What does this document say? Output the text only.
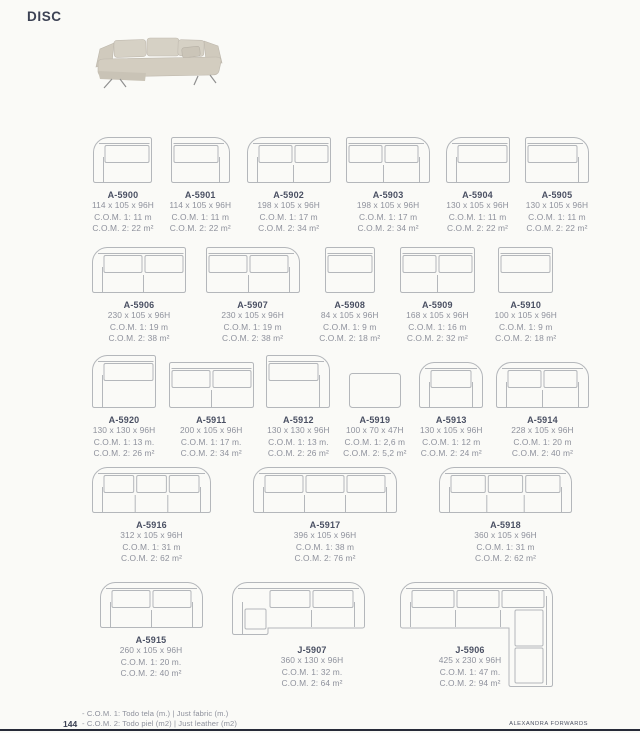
DISC
A-5900
114 x 105 x 96H
C.O.M. 1: 11 m
C.O.M. 2: 22 m²
A-5901
114 x 105 x 96H
C.O.M. 1: 11 m
C.O.M. 2: 22 m²
A-5902
198 x 105 x 96H
C.O.M. 1: 17 m
C.O.M. 2: 34 m²
A-5903
198 x 105 x 96H
C.O.M. 1: 17 m
C.O.M. 2: 34 m²
A-5904
130 x 105 x 96H
C.O.M. 1: 11 m
C.O.M. 2: 22 m²
A-5905
130 x 105 x 96H
C.O.M. 1: 11 m
C.O.M. 2: 22 m²
A-5906
230 x 105 x 96H
C.O.M. 1: 19 m
C.O.M. 2: 38 m²
A-5907
230 x 105 x 96H
C.O.M. 1: 19 m
C.O.M. 2: 38 m²
A-5908
84 x 105 x 96H
C.O.M. 1: 9 m
C.O.M. 2: 18 m²
A-5909
168 x 105 x 96H
C.O.M. 1: 16 m
C.O.M. 2: 32 m²
A-5910
100 x 105 x 96H
C.O.M. 1: 9 m
C.O.M. 2: 18 m²
A-5920
130 x 130 x 96H
C.O.M. 1: 13 m.
C.O.M. 2: 26 m²
A-5911
200 x 105 x 96H
C.O.M. 1: 17 m.
C.O.M. 2: 34 m²
A-5912
130 x 130 x 96H
C.O.M. 1: 13 m.
C.O.M. 2: 26 m²
A-5919
100 x 70 x 47H
C.O.M. 1: 2,6 m
C.O.M. 2: 5,2 m²
A-5913
130 x 105 x 96H
C.O.M. 1: 12 m
C.O.M. 2: 24 m²
A-5914
228 x 105 x 96H
C.O.M. 1: 20 m
C.O.M. 2: 40 m²
A-5916
312 x 105 x 96H
C.O.M. 1: 31 m
C.O.M. 2: 62 m²
A-5917
396 x 105 x 96H
C.O.M. 1: 38 m
C.O.M. 2: 76 m²
A-5918
360 x 105 x 96H
C.O.M. 1: 31 m
C.O.M. 2: 62 m²
A-5915
260 x 105 x 96H
C.O.M. 1: 20 m.
C.O.M. 2: 40 m²
J-5907
360 x 130 x 96H
C.O.M. 1: 32 m.
C.O.M. 2: 64 m²
J-5906
425 x 230 x 96H
C.O.M. 1: 47 m.
C.O.M. 2: 94 m²
- C.O.M. 1: Todo tela (m.) | Just fabric (m.)
- C.O.M. 2: Todo piel (m2) | Just leather (m2)
144	ALEXANDRA FORWARDS
